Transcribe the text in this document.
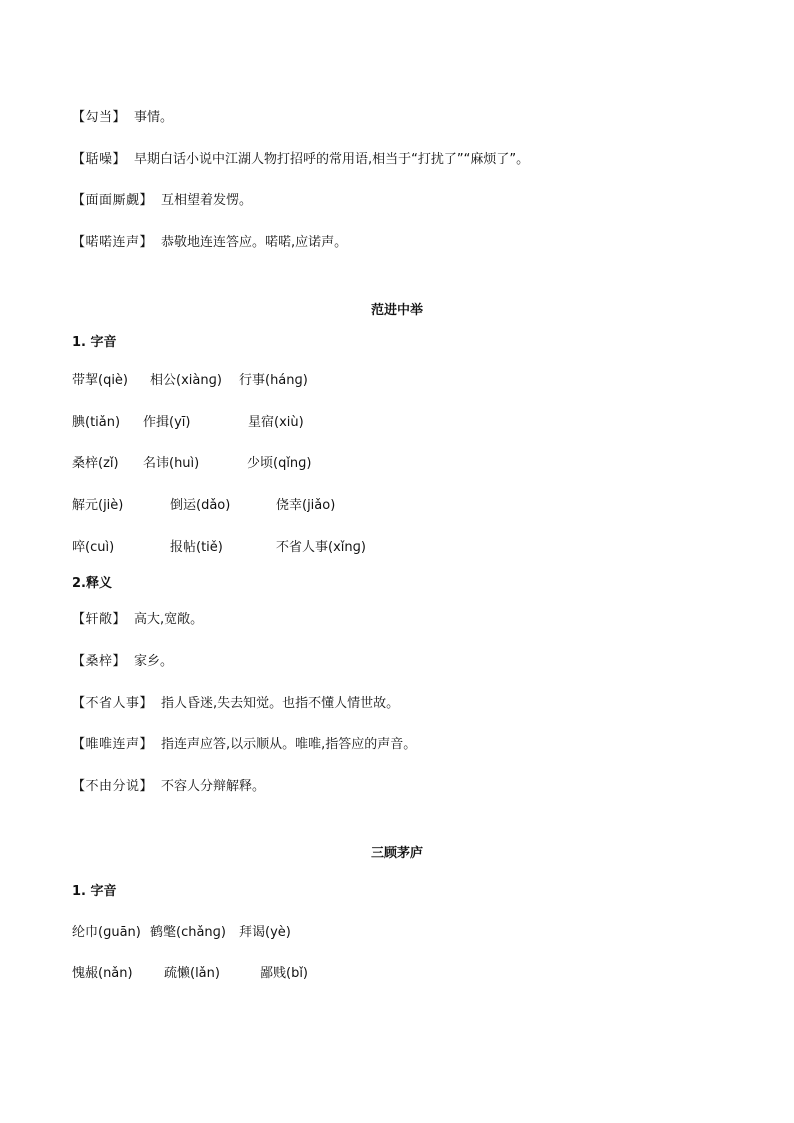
【勾当】 事情。
【聒噪】 早期白话小说中江湖人物打招呼的常用语,相当于“打扰了”“麻烦了”。
【面面厮觑】 互相望着发愣。
【喏喏连声】 恭敬地连连答应。喏喏,应诺声。
范进中举
1. 字音
带挈(qiè) 相公(xiànɡ) 行事(hánɡ)
腆(tiǎn) 作揖(yī)	星宿(xiù)
桑梓(zǐ) 名讳(huì)	少顷(qǐnɡ)
解元(jiè)	倒运(dǎo)	侥幸(jiǎo)
啐(cuì)	报帖(tiě)	不省人事(xǐnɡ)
2.释义
【轩敞】 高大,宽敞。
【桑梓】 家乡。
【不省人事】 指人昏迷,失去知觉。也指不懂人情世故。
【唯唯连声】 指连声应答,以示顺从。唯唯,指答应的声音。
【不由分说】 不容人分辩解释。
三顾茅庐
1. 字音
纶巾(ɡuān) 鹤氅(chǎnɡ) 拜谒(yè)
愧赧(nǎn) 疏懒(lǎn)	鄙贱(bǐ)
